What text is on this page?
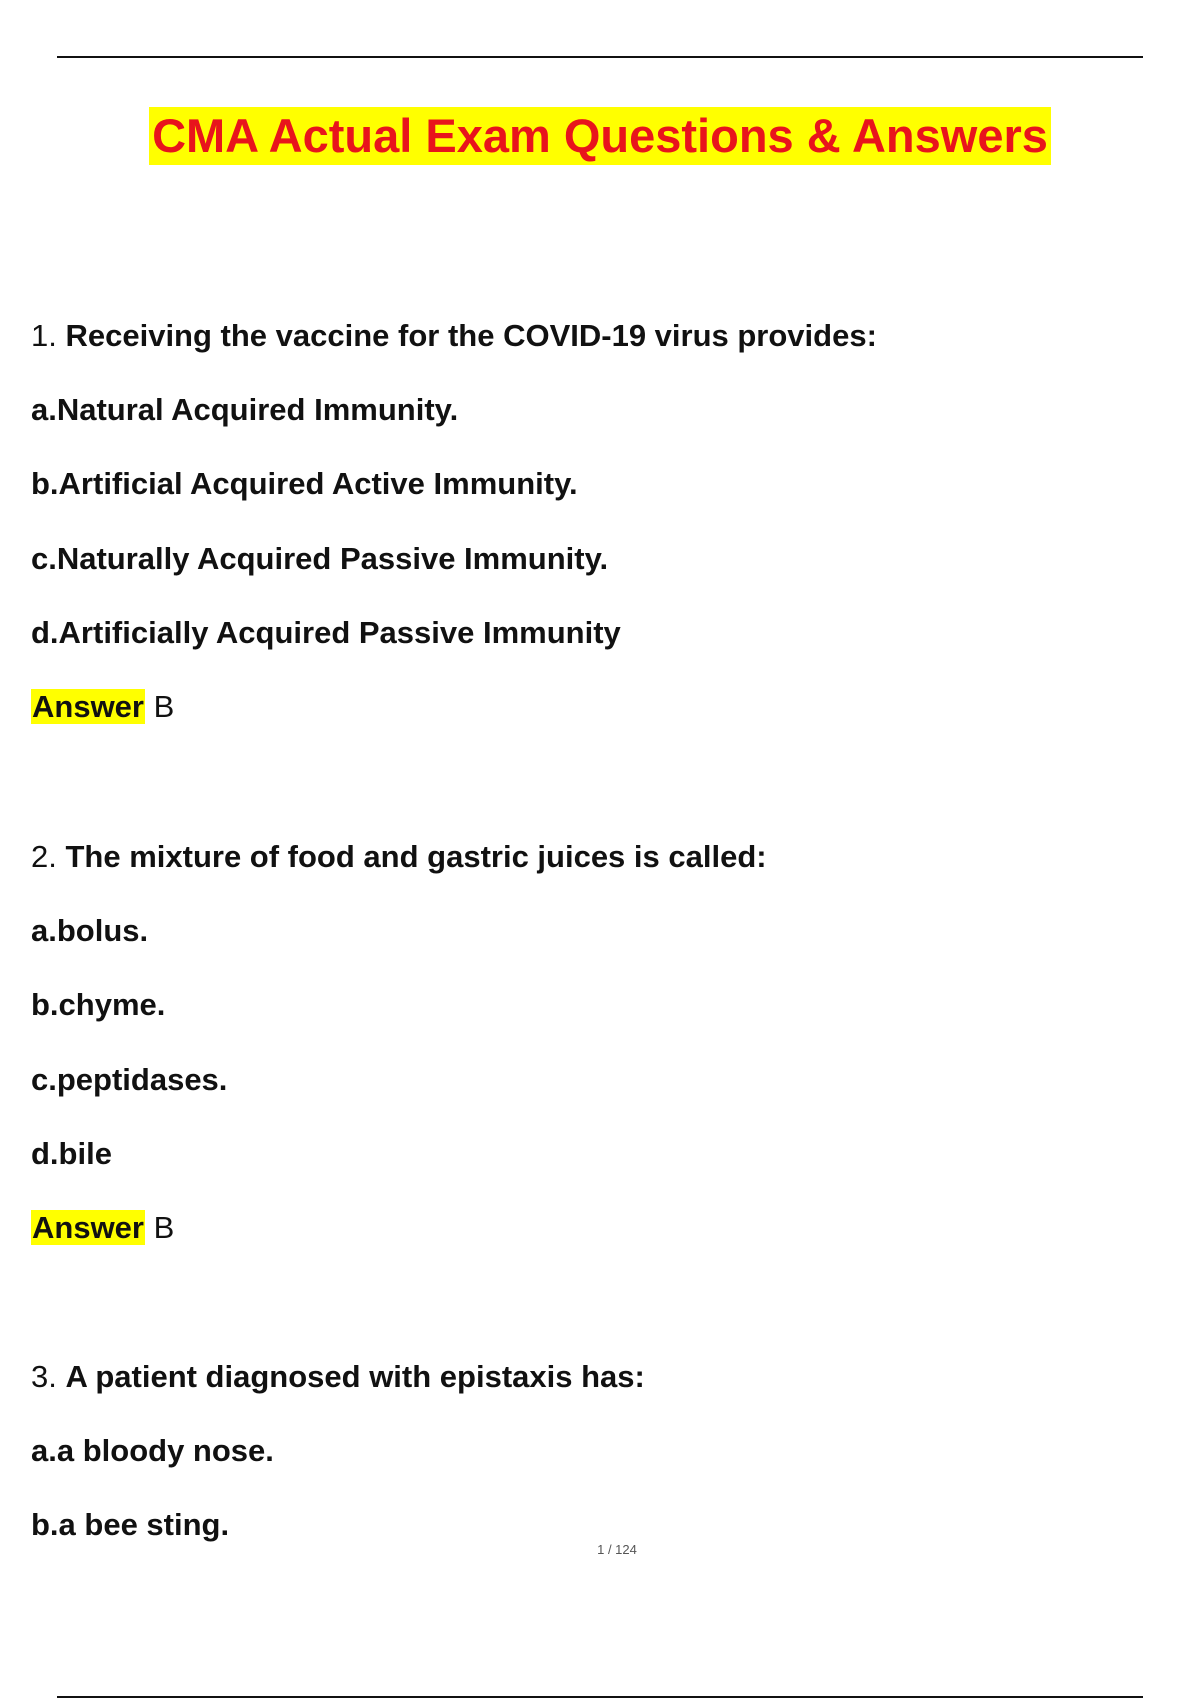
CMA Actual Exam Questions & Answers
1. Receiving the vaccine for the COVID-19 virus provides:
a.Natural Acquired Immunity.
b.Artificial Acquired Active Immunity.
c.Naturally Acquired Passive Immunity.
d.Artificially Acquired Passive Immunity
Answer B
2. The mixture of food and gastric juices is called:
a.bolus.
b.chyme.
c.peptidases.
d.bile
Answer B
3. A patient diagnosed with epistaxis has:
a.a bloody nose.
b.a bee sting.
1 / 124
